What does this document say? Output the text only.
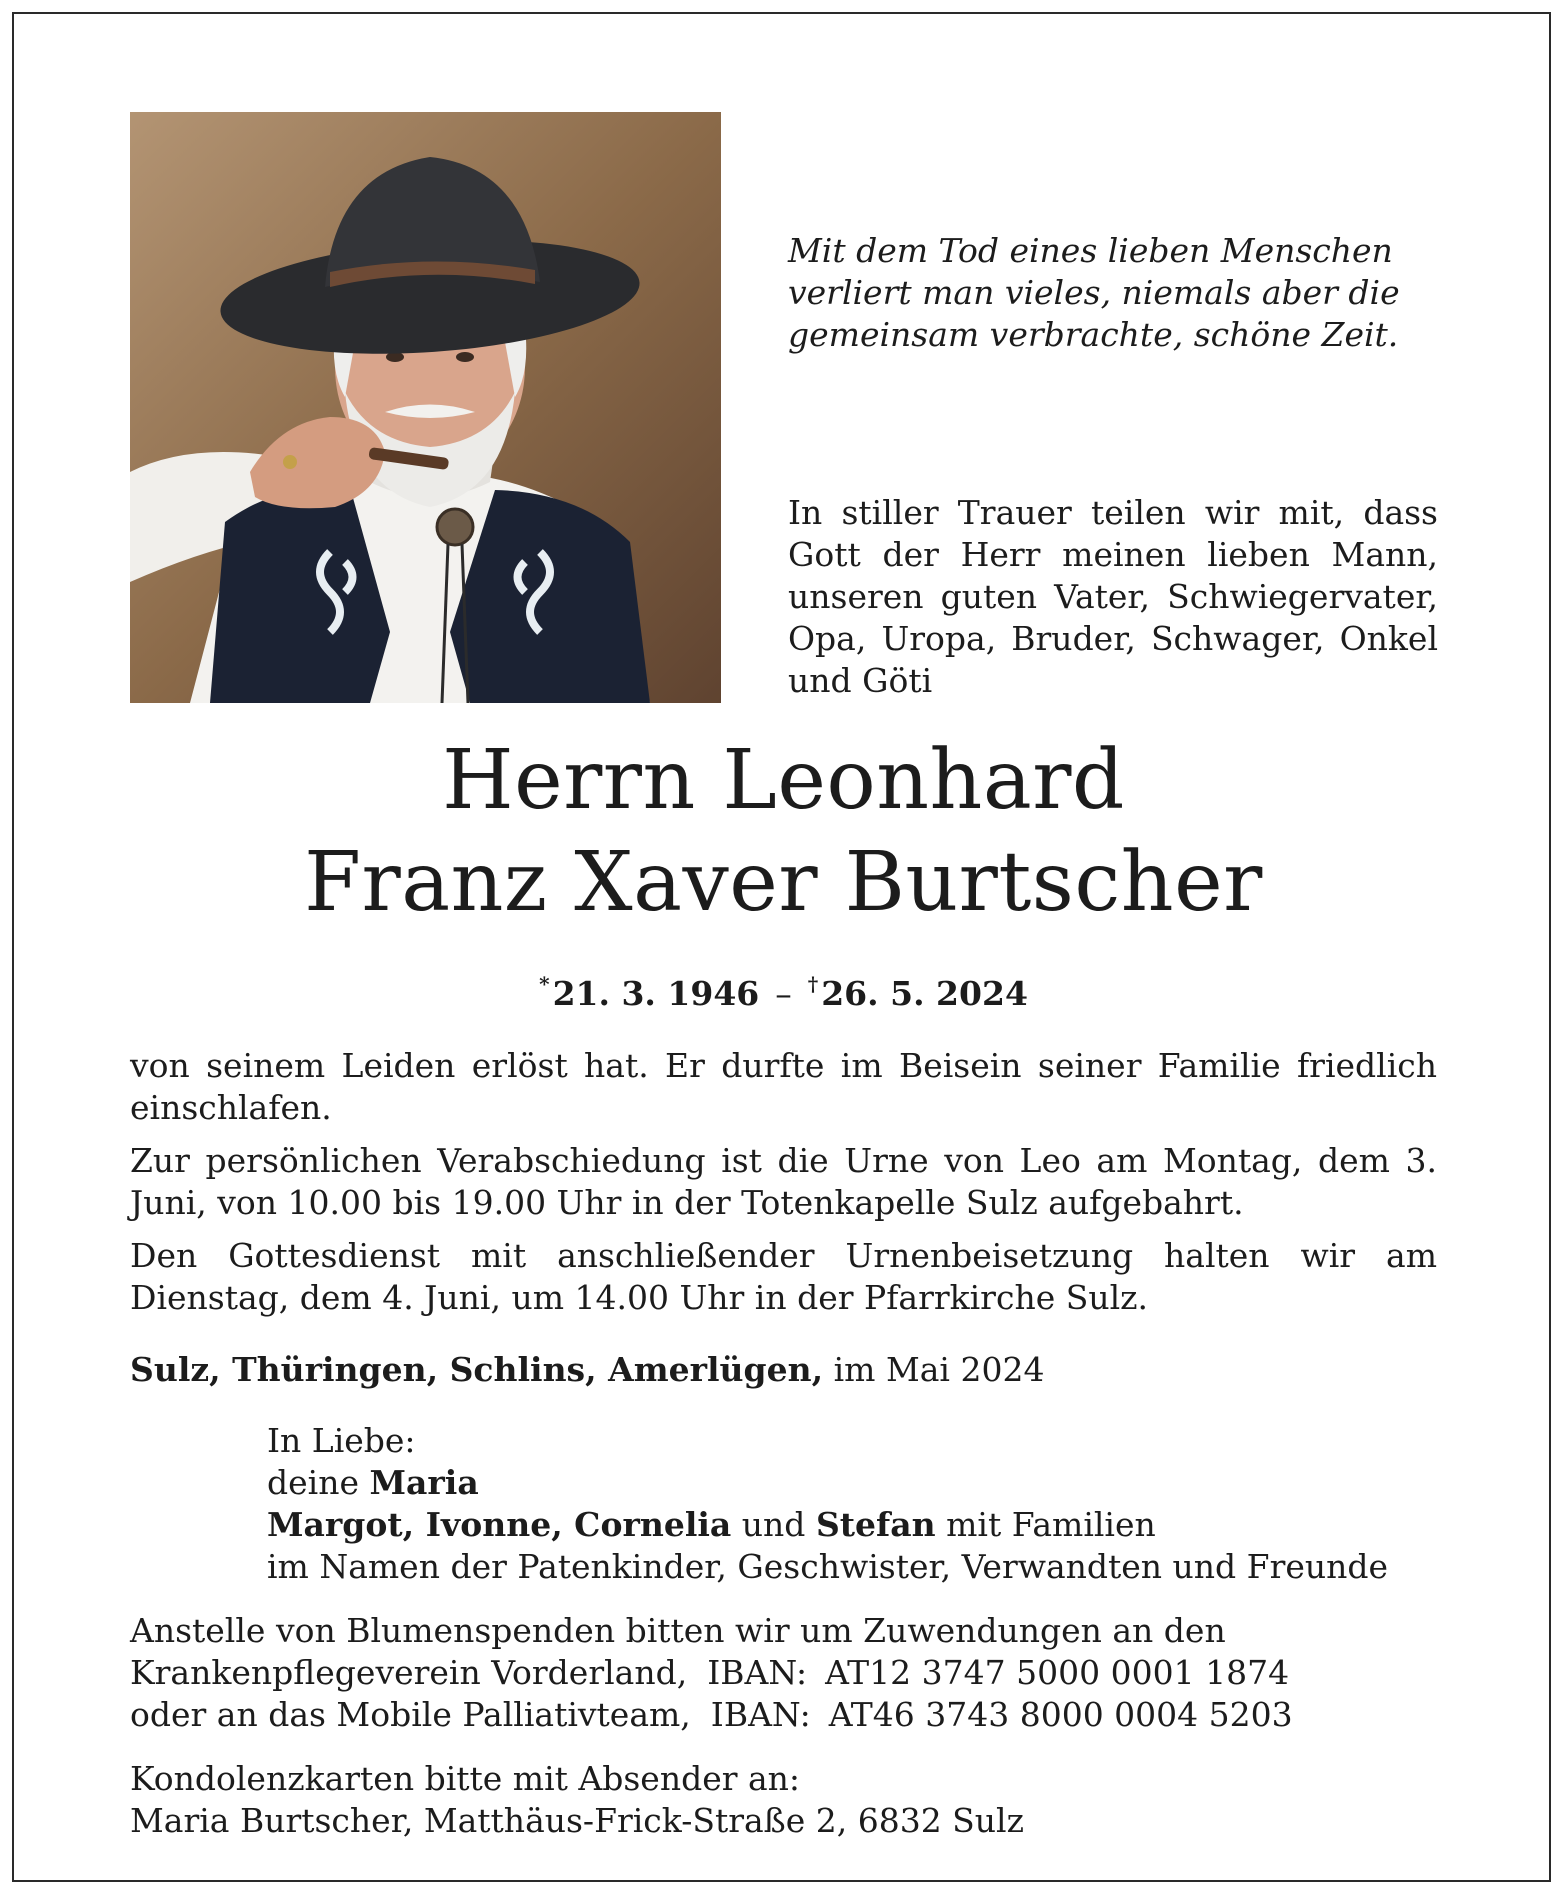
Mit dem Tod eines lieben Menschen
verliert man vieles, niemals aber die
gemeinsam verbrachte, schöne Zeit.

In stiller Trauer teilen wir mit, dass Gott der Herr meinen lieben Mann, unseren guten Vater, Schwiegervater, Opa, Uropa, Bruder, Schwager, Onkel und Göti

Herrn Leonhard
Franz Xaver Burtscher
*21. 3. 1946 – †26. 5. 2024

von seinem Leiden erlöst hat. Er durfte im Beisein seiner Familie friedlich einschlafen.

Zur persönlichen Verabschiedung ist die Urne von Leo am Montag, dem 3. Juni, von 10.00 bis 19.00 Uhr in der Totenkapelle Sulz aufgebahrt.

Den Gottesdienst mit anschließender Urnenbeisetzung halten wir am Dienstag, dem 4. Juni, um 14.00 Uhr in der Pfarrkirche Sulz.

Sulz, Thüringen, Schlins, Amerlügen, im Mai 2024
In Liebe:
deine Maria
Margot, Ivonne, Cornelia und Stefan mit Familien
im Namen der Patenkinder, Geschwister, Verwandten und Freunde
Anstelle von Blumenspenden bitten wir um Zuwendungen an den
Krankenpflegeverein Vorderland, IBAN: AT12 3747 5000 0001 1874
oder an das Mobile Palliativteam, IBAN: AT46 3743 8000 0004 5203
Kondolenzkarten bitte mit Absender an:
Maria Burtscher, Matthäus-Frick-Straße 2, 6832 Sulz
